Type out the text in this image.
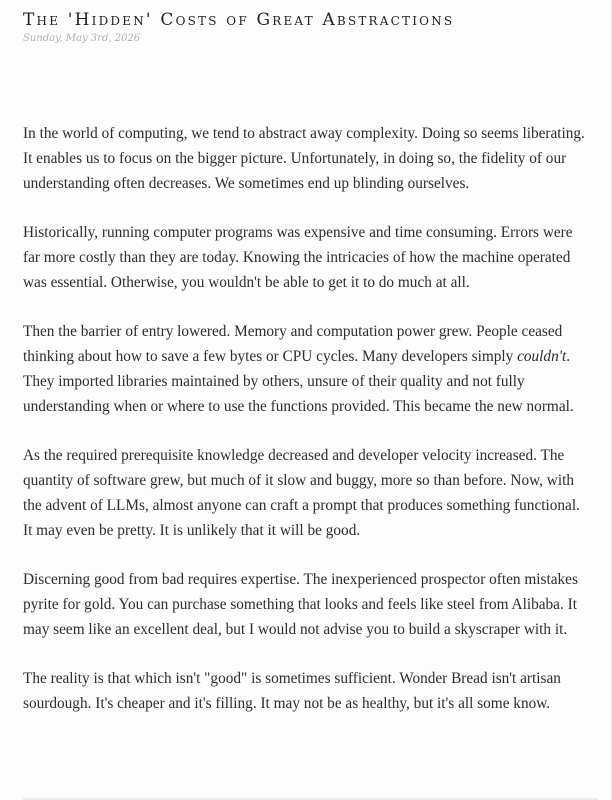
The 'Hidden' Costs of Great Abstractions
Sunday, May 3rd, 2026

In the world of computing, we tend to abstract away complexity. Doing so seems liberating. It enables us to focus on the bigger picture. Unfortunately, in doing so, the fidelity of our understanding often decreases. We sometimes end up blinding ourselves.

Historically, running computer programs was expensive and time consuming. Errors were far more costly than they are today. Knowing the intricacies of how the machine operated was essential. Otherwise, you wouldn't be able to get it to do much at all.

Then the barrier of entry lowered. Memory and computation power grew. People ceased thinking about how to save a few bytes or CPU cycles. Many developers simply couldn't. They imported libraries maintained by others, unsure of their quality and not fully understanding when or where to use the functions provided. This became the new normal.

As the required prerequisite knowledge decreased and developer velocity increased. The quantity of software grew, but much of it slow and buggy, more so than before. Now, with the advent of LLMs, almost anyone can craft a prompt that produces something functional. It may even be pretty. It is unlikely that it will be good.

Discerning good from bad requires expertise. The inexperienced prospector often mistakes pyrite for gold. You can purchase something that looks and feels like steel from Alibaba. It may seem like an excellent deal, but I would not advise you to build a skyscraper with it.

The reality is that which isn't "good" is sometimes sufficient. Wonder Bread isn't artisan sourdough. It's cheaper and it's filling. It may not be as healthy, but it's all some know.
